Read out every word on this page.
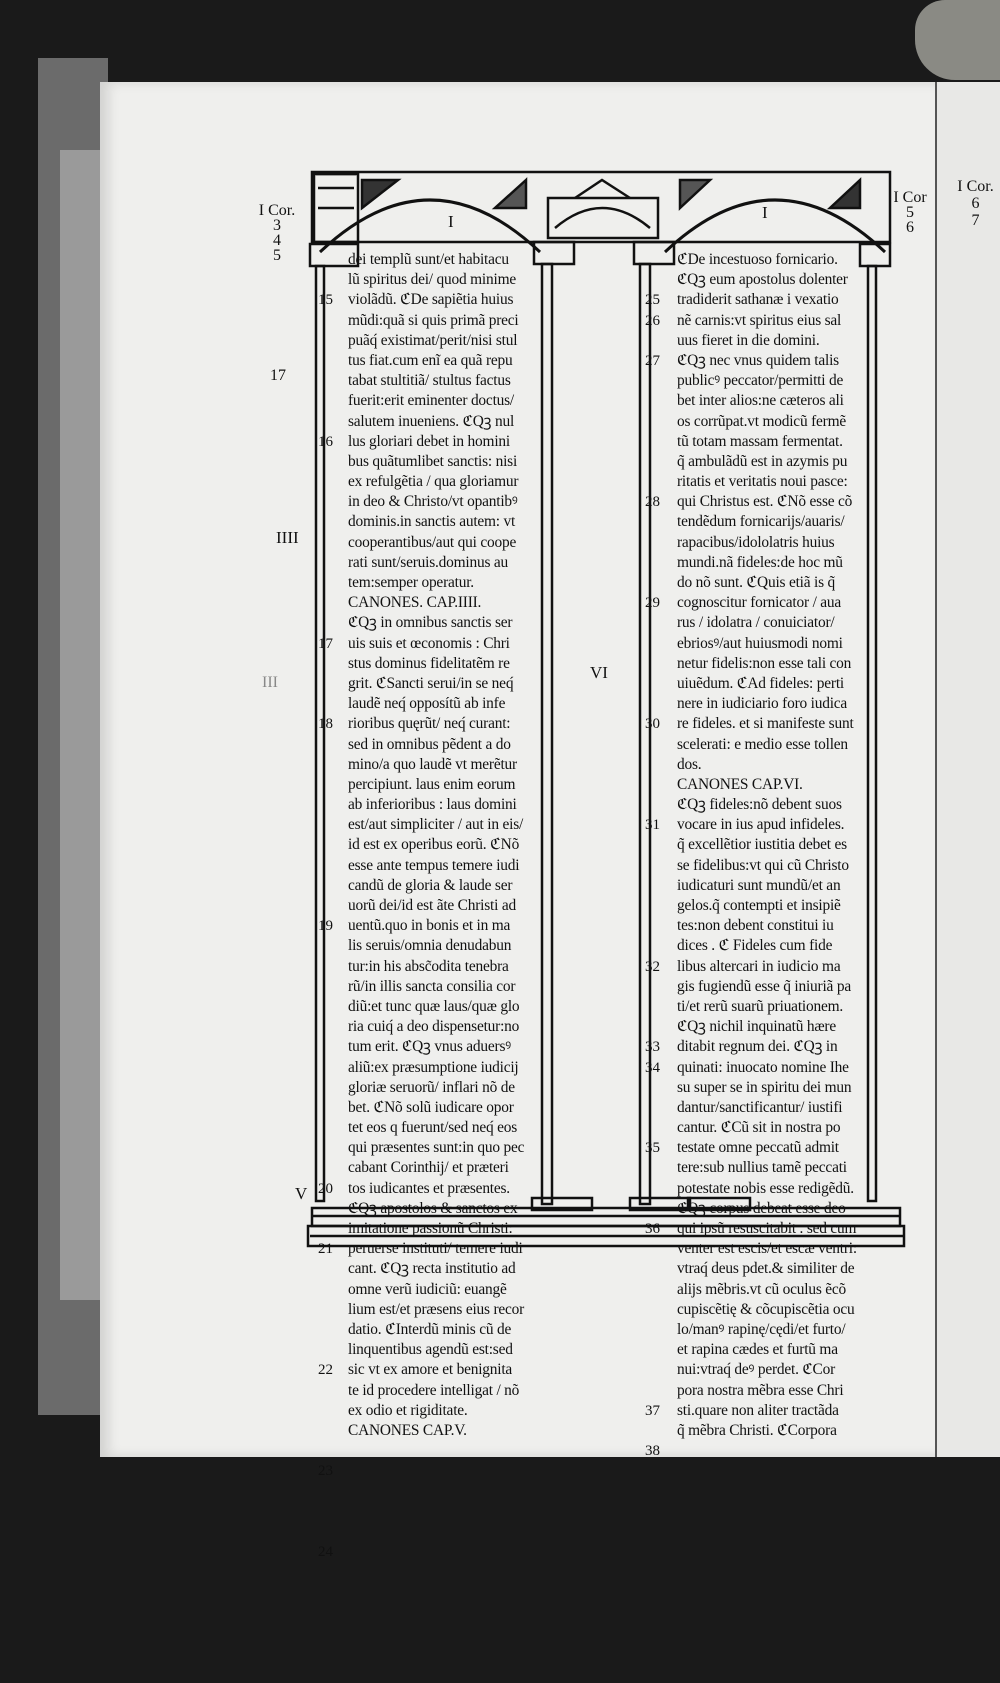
I	I
I Cor.
3
4
5
17
IIII
III
V
VI
I Cor
5
6
I Cor.
6
7
15
16
17
18
19
20
21
22
23
24
dei templũ sunt/et habitacu
lũ spiritus dei/ quod minime
violãdũ. ℭDe sapiẽtia huius
mũdi:quã si quis primã preci
puãq́ existimat/perit/nisi stul
tus fiat.cum enĩ ea quã repu
tabat stultitiã/ stultus factus
fuerit:erit eminenter doctus/
salutem inueniens. ℭQꝫ nul
lus gloriari debet in homini
bus quãtumlibet sanctis: nisi
ex refulgẽtia / qua gloriamur
in deo & Christo/vt opantibꝰ
dominis.in sanctis autem: vt
cooperantibus/aut qui coope
rati sunt/seruis.dominus au
tem:semper operatur.
CANONES. CAP.IIII.
ℭQꝫ in omnibus sanctis ser
uis suis et œconomis : Chri
stus dominus fidelitatẽm re
grit. ℭSancti serui/in se neq́
laudẽ neq́ opposítũ ab infe
rioribus quęrũt/ neq́ curant:
sed in omnibus pẽdent a do
mino/a quo laudẽ vt merẽtur
percipiunt. laus enim eorum
ab inferioribus : laus domini
est/aut simpliciter / aut in eis/
id est ex operibus eorũ. ℭNõ
esse ante tempus temere iudi
candũ de gloria & laude ser
uorũ dei/id est ãte Christi ad
uentũ.quo in bonis et in ma
lis seruis/omnia denudabun
tur:in his absc̃odita tenebra
rũ/in illis sancta consilia cor
diũ:et tunc quæ laus/quæ glo
ria cuiq́ a deo dispensetur:no
tum erit. ℭQꝫ vnus aduersꝰ
aliũ:ex præsumptione iudicij
gloriæ seruorũ/ inflari nõ de
bet. ℭNõ solũ iudicare opor
tet eos q fuerunt/sed neq́ eos
qui præsentes sunt:in quo pec
cabant Corinthij/ et præteri
tos iudicantes et præsentes.
ℭQꝫ apostolos & sanctos ex
imitatione passionũ Christi:
peruerse instituti/ temere iudi
cant. ℭQꝫ recta institutio ad
omne verũ iudiciũ: euangẽ
lium est/et præsens eius recor
datio. ℭInterdũ minis cũ de
linquentibus agendũ est:sed
sic vt ex amore et benignita
te id procedere intelligat / nõ
ex odio et rigiditate.
CANONES CAP.V.
25
26
27
28
29
30
31
32
33
34
35
36
37
38
ℭDe incestuoso fornicario.
ℭQꝫ eum apostolus dolenter
tradiderit sathanæ i vexatio
nẽ carnis:vt spiritus eius sal
uus fieret in die domini.
ℭQꝫ nec vnus quidem talis
publicꝰ peccator/permitti de
bet inter alios:ne cæteros ali
os corrũpat.vt modicũ fermẽ
tũ totam massam fermentat.
q̃ ambulãdũ est in azymis pu
ritatis et veritatis noui pasce:
qui Christus est. ℭNõ esse cõ
tendẽdum fornicarijs/auaris/
rapacibus/idololatris huius
mundi.nã fideles:de hoc mũ
do nõ sunt. ℭQuis etiã is q̃
cognoscitur fornicator / aua
rus / idolatra / conuiciator/
ebriosꝰ/aut huiusmodi nomi
netur fidelis:non esse tali con
uiuẽdum. ℭAd fideles: perti
nere in iudiciario foro iudica
re fideles. et si manifeste sunt
scelerati: e medio esse tollen
dos.
CANONES CAP.VI.
ℭQꝫ fideles:nõ debent suos
vocare in ius apud infideles.
q̃ excellẽtior iustitia debet es
se fidelibus:vt qui cũ Christo
iudicaturi sunt mundũ/et an
gelos.q̃ contempti et insipiẽ
tes:non debent constitui iu
dices . ℭ Fideles cum fide
libus altercari in iudicio ma
gis fugiendũ esse q̃ iniuriã pa
ti/et rerũ suarũ priuationem.
ℭQꝫ nichil inquinatũ hære
ditabit regnum dei. ℭQꝫ in
quinati: inuocato nomine Ihe
su super se in spiritu dei mun
dantur/sanctificantur/ iustifi
cantur. ℭCũ sit in nostra po
testate omne peccatũ admit
tere:sub nullius tamẽ peccati
potestate nobis esse redigẽdũ.
ℭQꝫ corpus debeat esse deo
qui ipsũ resuscitabit . sed cum
venter est escis/et escæ ventri:
vtraq́ deus pdet.& similiter de
alijs mẽbris.vt cũ oculus ẽcõ
cupiscẽtię & cõcupiscẽtia ocu
lo/manꝰ rapinę/cędi/et furto/
et rapina cædes et furtũ ma
nui:vtraq́ deꝰ perdet. ℭCor
pora nostra mẽbra esse Chri
sti.quare non aliter tractãda
q̃ mẽbra Christi. ℭCorpora
